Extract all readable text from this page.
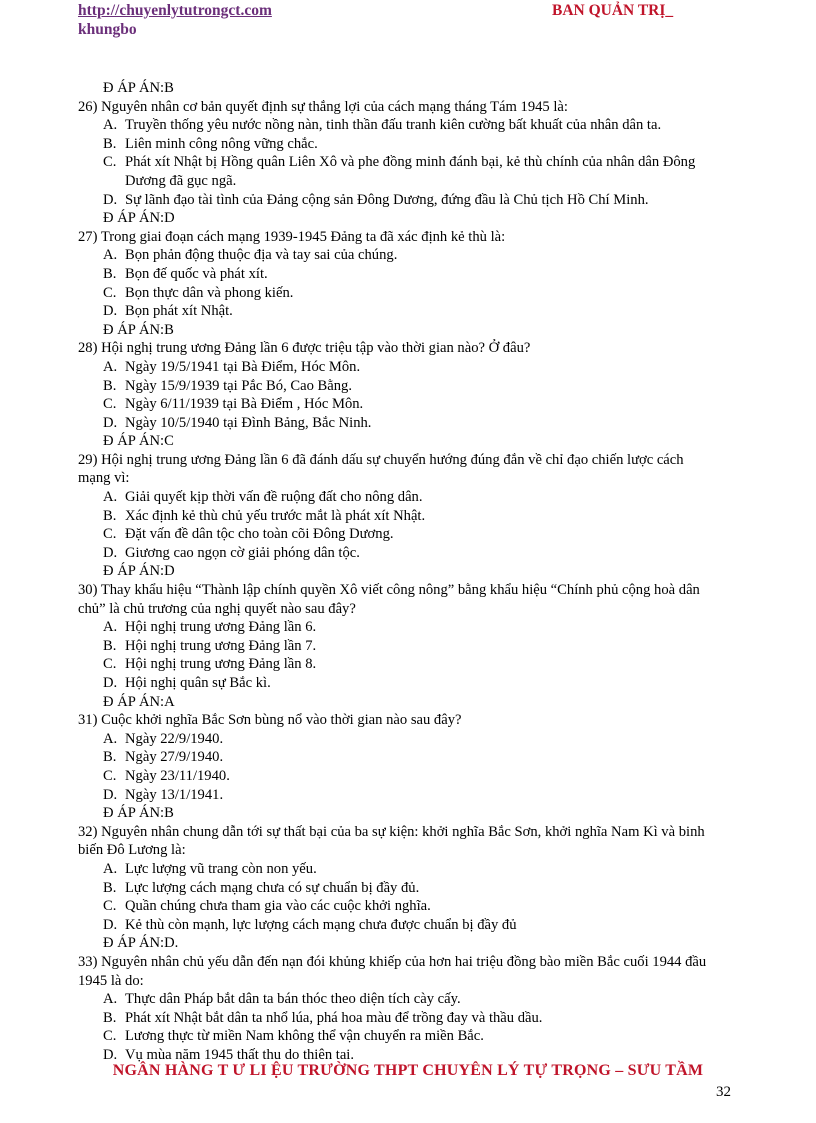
http://chuyenlytutrongct.com	BAN QUẢN TRỊ_
khungbo
Đ ÁP ÁN:B
26) Nguyên nhân cơ bản quyết định sự thắng lợi của cách mạng tháng Tám 1945 là:
A. Truyền thống yêu nước nồng nàn, tinh thần đấu tranh kiên cường bất khuất của nhân dân ta.
B. Liên minh công nông vững chắc.
C. Phát xít Nhật bị Hồng quân Liên Xô và phe đồng minh đánh bại, kẻ thù chính của nhân dân Đông
Dương đã gục ngã.
D. Sự lãnh đạo tài tình của Đảng cộng sản Đông Dương, đứng đầu là Chủ tịch Hồ Chí Minh.
Đ ÁP ÁN:D
27) Trong giai đoạn cách mạng 1939-1945 Đảng ta đã xác định kẻ thù là:
A. Bọn phản động thuộc địa và tay sai của chúng.
B. Bọn đế quốc và phát xít.
C. Bọn thực dân và phong kiến.
D. Bọn phát xít Nhật.
Đ ÁP ÁN:B
28) Hội nghị trung ương Đảng lần 6 được triệu tập vào thời gian nào? Ở đâu?
A. Ngày 19/5/1941 tại Bà Điểm, Hóc Môn.
B. Ngày 15/9/1939 tại Pắc Bó, Cao Bằng.
C. Ngày 6/11/1939 tại Bà Điểm , Hóc Môn.
D. Ngày 10/5/1940 tại Đình Bảng, Bắc Ninh.
Đ ÁP ÁN:C
29) Hội nghị trung ương Đảng lần 6 đã đánh dấu sự chuyển hướng đúng đắn về chỉ đạo chiến lược cách
mạng vì:
A. Giải quyết kịp thời vấn đề ruộng đất cho nông dân.
B. Xác định kẻ thù chủ yếu trước mắt là phát xít Nhật.
C. Đặt vấn đề dân tộc cho toàn cõi Đông Dương.
D. Giương cao ngọn cờ giải phóng dân tộc.
Đ ÁP ÁN:D
30) Thay khẩu hiệu “Thành lập chính quyền Xô viết công nông” bằng khẩu hiệu “Chính phủ cộng hoà dân
chủ” là chủ trương của nghị quyết nào sau đây?
A. Hội nghị trung ương Đảng lần 6.
B. Hội nghị trung ương Đảng lần 7.
C. Hội nghị trung ương Đảng lần 8.
D. Hội nghị quân sự Bắc kì.
Đ ÁP ÁN:A
31) Cuộc khởi nghĩa Bắc Sơn bùng nổ vào thời gian nào sau đây?
A. Ngày 22/9/1940.
B. Ngày 27/9/1940.
C. Ngày 23/11/1940.
D. Ngày 13/1/1941.
Đ ÁP ÁN:B
32) Nguyên nhân chung dẫn tới sự thất bại của ba sự kiện: khởi nghĩa Bắc Sơn, khởi nghĩa Nam Kì và binh
biến Đô Lương là:
A. Lực lượng vũ trang còn non yếu.
B. Lực lượng cách mạng chưa có sự chuẩn bị đầy đủ.
C. Quần chúng chưa tham gia vào các cuộc khởi nghĩa.
D. Kẻ thù còn mạnh, lực lượng cách mạng chưa được chuẩn bị đầy đủ
Đ ÁP ÁN:D.
33) Nguyên nhân chủ yếu dẫn đến nạn đói khủng khiếp của hơn hai triệu đồng bào miền Bắc cuối 1944 đầu
1945 là do:
A. Thực dân Pháp bắt dân ta bán thóc theo diện tích cày cấy.
B. Phát xít Nhật bắt dân ta nhổ lúa, phá hoa màu để trồng đay và thầu dầu.
C. Lương thực từ miền Nam không thể vận chuyển ra miền Bắc.
D. Vụ mùa năm 1945 thất thu do thiên tai.
NGÂN HÀNG T Ư LI ỆU TRƯỜNG THPT CHUYÊN LÝ TỰ TRỌNG – SƯU TẦM
32
